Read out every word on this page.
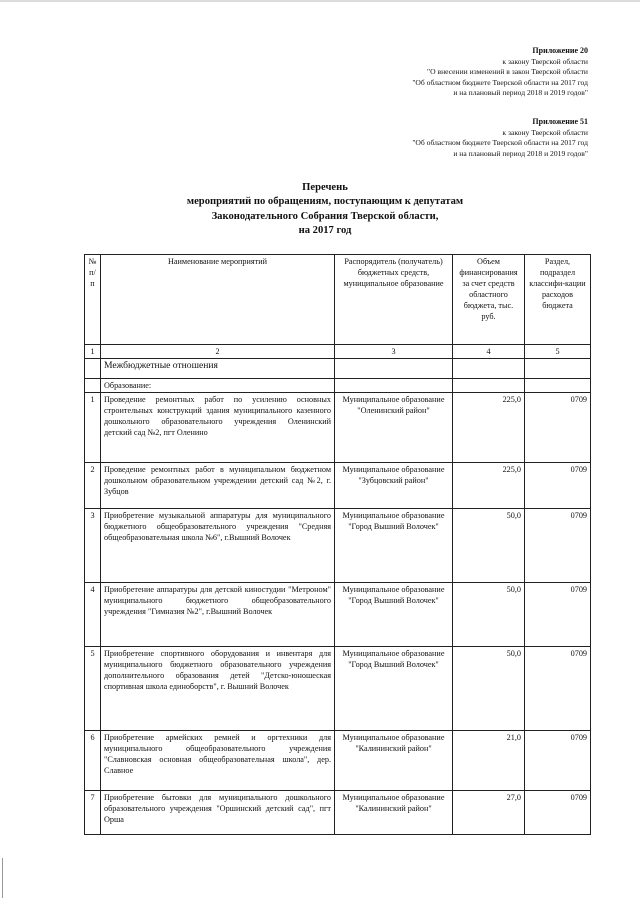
Приложение 20
к закону Тверской области
"О внесении изменений в закон Тверской области
"Об областном бюджете Тверской области на 2017 год
и на плановый период 2018 и 2019 годов"
Приложение 51
к закону Тверской области
"Об областном бюджете Тверской области на 2017 год
и на плановый период 2018 и 2019 годов"
Перечень
мероприятий по обращениям, поступающим к депутатам
Законодательного Собрания Тверской области,
на 2017 год
№ п/п	Наименование мероприятий	Распорядитель (получатель) бюджетных средств, муниципальное образование	Объем финансирования за счет средств областного бюджета, тыс. руб.	Раздел, подраздел классифи-кации расходов бюджета
1	2	3	4	5
	Межбюджетные отношения			
	Образование:			
1	Проведение ремонтных работ по усилению основных строительных конструкций здания муниципального казенного дошкольного образовательного учреждения Оленинский детский сад №2, пгт Оленино	Муниципальное образование "Оленинский район"	225,0	0709
2	Проведение ремонтных работ в муниципальном бюджетном дошкольном образовательном учреждении детский сад №2, г. Зубцов	Муниципальное образование "Зубцовский район"	225,0	0709
3	Приобретение музыкальной аппаратуры для муниципального бюджетного общеобразовательного учреждения "Средняя общеобразовательная школа №6", г.Вышний Волочек	Муниципальное образование "Город Вышний Волочек"	50,0	0709
4	Приобретение аппаратуры для детской киностудии "Метроном" муниципального бюджетного общеобразовательного учреждения "Гимназия №2", г.Вышний Волочек	Муниципальное образование "Город Вышний Волочек"	50,0	0709
5	Приобретение спортивного оборудования и инвентаря для муниципального бюджетного образовательного учреждения дополнительного образования детей "Детско-юношеская спортивная школа единоборств", г. Вышний Волочек	Муниципальное образование "Город Вышний Волочек"	50,0	0709
6	Приобретение армейских ремней и оргтехники для муниципального общеобразовательного учреждения "Славновская основная общеобразовательная школа", дер. Славное	Муниципальное образование "Калининский район"	21,0	0709
7	Приобретение бытовки для муниципального дошкольного образовательного учреждения "Оршинский детский сад", пгт Орша	Муниципальное образование "Калининский район"	27,0	0709
